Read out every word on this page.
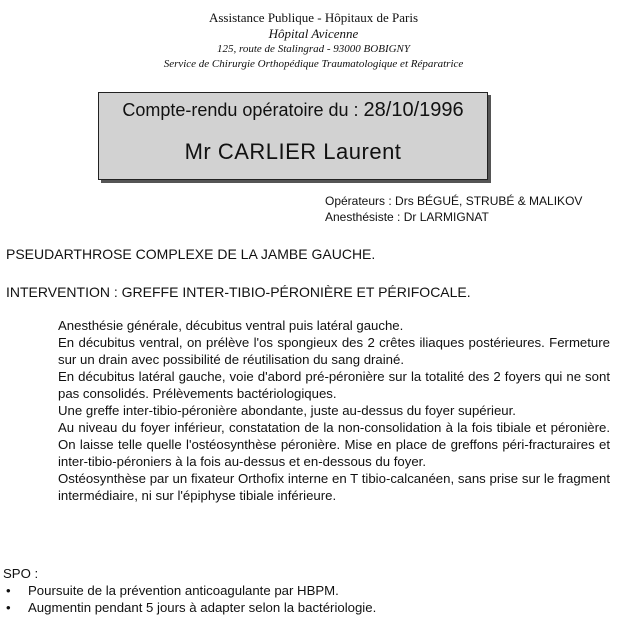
Assistance Publique - Hôpitaux de Paris
Hôpital Avicenne
125, route de Stalingrad - 93000 BOBIGNY
Service de Chirurgie Orthopédique Traumatologique et Réparatrice
Compte-rendu opératoire du : 28/10/1996
Mr CARLIER Laurent
Opérateurs : Drs BÉGUÉ, STRUBÉ & MALIKOV
Anesthésiste : Dr LARMIGNAT
PSEUDARTHROSE COMPLEXE DE LA JAMBE GAUCHE.
INTERVENTION : GREFFE INTER-TIBIO-PÉRONIÈRE ET PÉRIFOCALE.

Anesthésie générale, décubitus ventral puis latéral gauche.

En décubitus ventral, on prélève l'os spongieux des 2 crêtes iliaques postérieures. Fermeture sur un drain avec possibilité de réutilisation du sang drainé.

En décubitus latéral gauche, voie d'abord pré-péronière sur la totalité des 2 foyers qui ne sont pas consolidés. Prélèvements bactériologiques.

Une greffe inter-tibio-péronière abondante, juste au-dessus du foyer supérieur.

Au niveau du foyer inférieur, constatation de la non-consolidation à la fois tibiale et péronière. On laisse telle quelle l'ostéosynthèse péronière. Mise en place de greffons péri-fracturaires et inter-tibio-péroniers à la fois au-dessus et en-dessous du foyer.

Ostéosynthèse par un fixateur Orthofix interne en T tibio-calcanéen, sans prise sur le fragment intermédiaire, ni sur l'épiphyse tibiale inférieure.

SPO :
•	Poursuite de la prévention anticoagulante par HBPM.
•	Augmentin pendant 5 jours à adapter selon la bactériologie.
